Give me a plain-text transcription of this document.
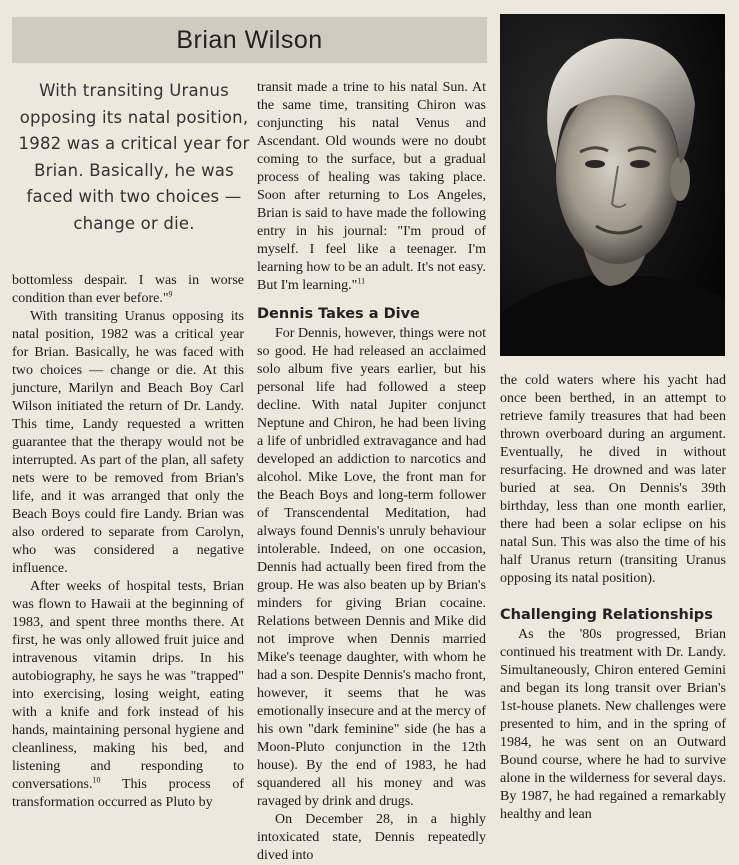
Brian Wilson
With transiting Uranus opposing its natal position, 1982 was a critical year for Brian. Basically, he was faced with two choices — change or die.

bottomless despair. I was in worse condition than ever before."$^9$

With transiting Uranus opposing its natal position, 1982 was a critical year for Brian. Basically, he was faced with two choices — change or die. At this juncture, Marilyn and Beach Boy Carl Wilson initiated the return of Dr. Landy. This time, Landy requested a written guarantee that the therapy would not be interrupted. As part of the plan, all safety nets were to be removed from Brian's life, and it was arranged that only the Beach Boys could fire Landy. Brian was also ordered to separate from Carolyn, who was considered a negative influence.

After weeks of hospital tests, Brian was flown to Hawaii at the beginning of 1983, and spent three months there. At first, he was only allowed fruit juice and intravenous vitamin drips. In his autobiography, he says he was "trapped" into exercising, losing weight, eating with a knife and fork instead of his hands, maintaining personal hygiene and cleanliness, making his bed, and listening and responding to conversations.$^{10}$ This process of transformation occurred as Pluto by

transit made a trine to his natal Sun. At the same time, transiting Chiron was conjuncting his natal Venus and Ascendant. Old wounds were no doubt coming to the surface, but a gradual process of healing was taking place. Soon after returning to Los Angeles, Brian is said to have made the following entry in his journal: "I'm proud of myself. I feel like a teenager. I'm learning how to be an adult. It's not easy. But I'm learning."$^{11}$

Dennis Takes a Dive

For Dennis, however, things were not so good. He had released an acclaimed solo album five years earlier, but his personal life had followed a steep decline. With natal Jupiter conjunct Neptune and Chiron, he had been living a life of unbridled extravagance and had developed an addiction to narcotics and alcohol. Mike Love, the front man for the Beach Boys and long-term follower of Transcendental Meditation, had always found Dennis's unruly behaviour intolerable. Indeed, on one occasion, Dennis had actually been fired from the group. He was also beaten up by Brian's minders for giving Brian cocaine. Relations between Dennis and Mike did not improve when Dennis married Mike's teenage daughter, with whom he had a son. Despite Dennis's macho front, however, it seems that he was emotionally insecure and at the mercy of his own "dark feminine" side (he has a Moon-Pluto conjunction in the 12th house). By the end of 1983, he had squandered all his money and was ravaged by drink and drugs.

On December 28, in a highly intoxicated state, Dennis repeatedly dived into

the cold waters where his yacht had once been berthed, in an attempt to retrieve family treasures that had been thrown overboard during an argument. Eventually, he dived in without resurfacing. He drowned and was later buried at sea. On Dennis's 39th birthday, less than one month earlier, there had been a solar eclipse on his natal Sun. This was also the time of his half Uranus return (transiting Uranus opposing its natal position).

Challenging Relationships

As the '80s progressed, Brian continued his treatment with Dr. Landy. Simultaneously, Chiron entered Gemini and began its long transit over Brian's 1st-house planets. New challenges were presented to him, and in the spring of 1984, he was sent on an Outward Bound course, where he had to survive alone in the wilderness for several days. By 1987, he had regained a remarkably healthy and lean
